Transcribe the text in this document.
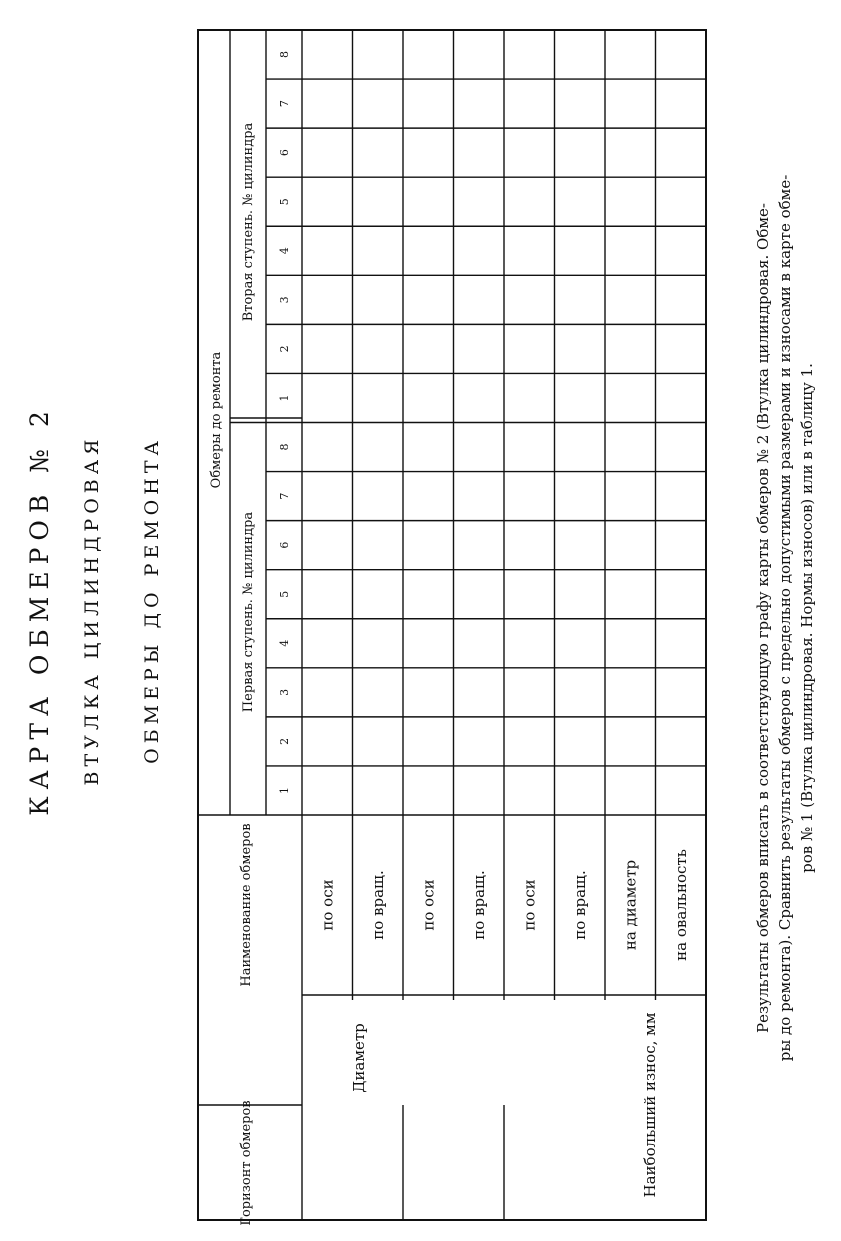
КАРТА ОБМЕРОВ № 2 ВТУЛКА ЦИЛИНДРОВАЯ ОБМЕРЫ ДО РЕМОНТА
Горизонт обмеров
Наименование обмеров
Обмеры до ремонта
Первая ступень. № цилиндра
Вторая ступень. № цилиндра
Диаметр	Наибольший износ, мм
1
2
3
4
5
6
7
8
1
2
3
4
5
6
7
8
по оси по вращ. по оси по вращ. по оси по вращ. на диаметр на овальность	Результаты обмеров вписать в соответствующую графу карты обмеров № 2 (Втулка цилиндровая. Обме- ры до ремонта). Сравнить результаты обмеров с предельно допустимыми размерами и износами в карте обме- ров № 1 (Втулка цилиндровая. Нормы износов) или в таблицу 1.
